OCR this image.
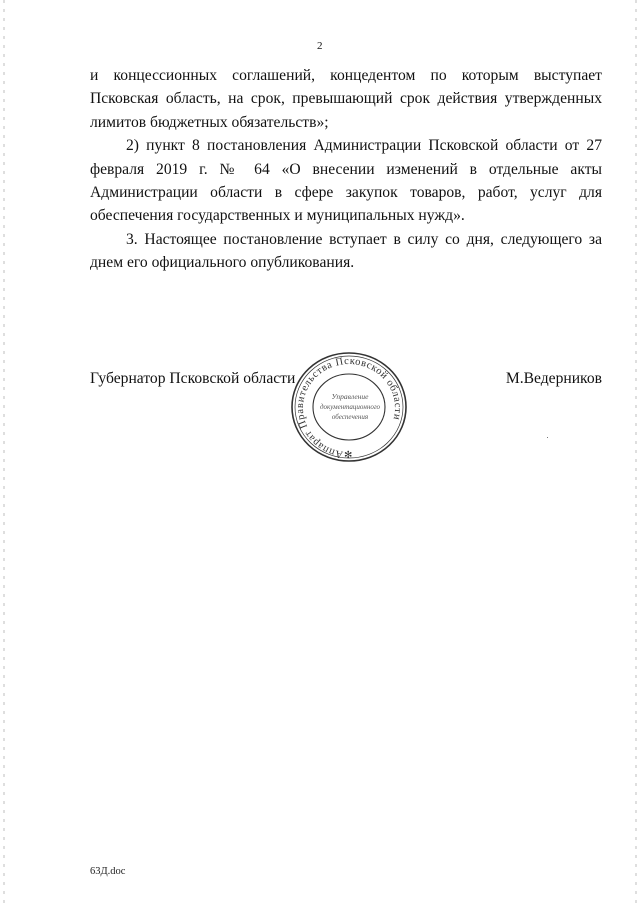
2

и концессионных соглашений, концедентом по которым выступает Псковская область, на срок, превышающий срок действия утвержденных лимитов бюджетных обязательств»;

2) пункт 8 постановления Администрации Псковской области от 27 февраля 2019 г. № 64 «О внесении изменений в отдельные акты Администрации области в сфере закупок товаров, работ, услуг для обеспечения государственных и муниципальных нужд».

3. Настоящее постановление вступает в силу со дня, следующего за днем его официального опубликования.

Губернатор Псковской области	М.Ведерников
Аппарат Правительства Псковской области
Управление
документационного
обеспечения
✻
63Д.doc
